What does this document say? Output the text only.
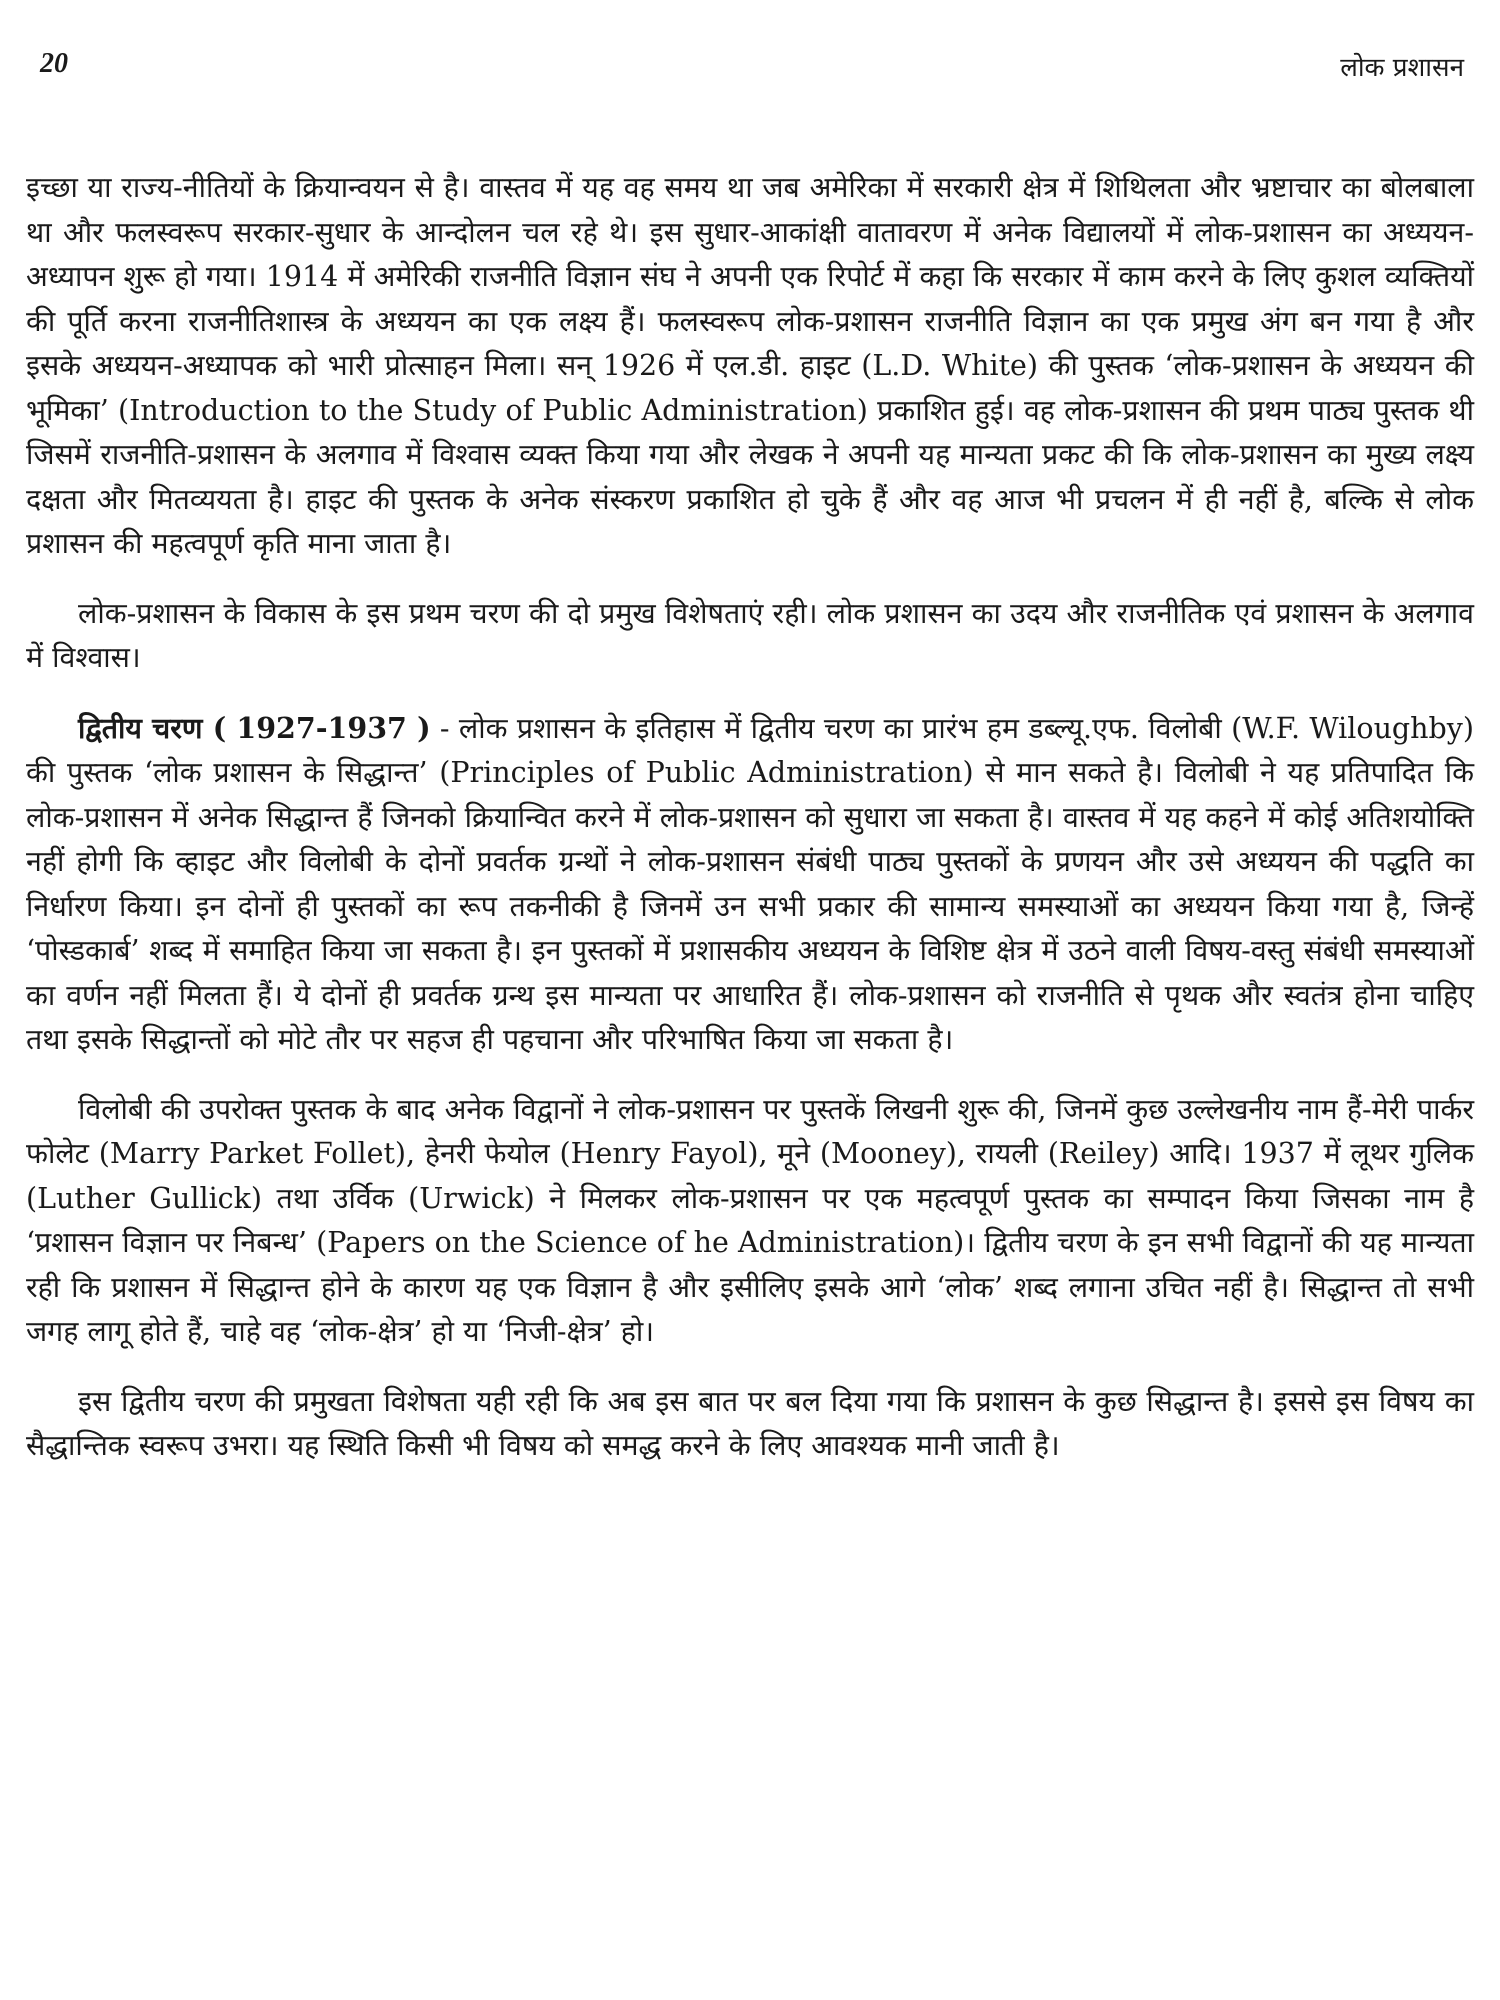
20	लोक प्रशासन

इच्छा या राज्य-नीतियों के क्रियान्वयन से है। वास्तव में यह वह समय था जब अमेरिका में सरकारी क्षेत्र में शिथिलता और भ्रष्टाचार का बोलबाला था और फलस्वरूप सरकार-सुधार के आन्दोलन चल रहे थे। इस सुधार-आकांक्षी वातावरण में अनेक विद्यालयों में लोक-प्रशासन का अध्ययन-अध्यापन शुरू हो गया। 1914 में अमेरिकी राजनीति विज्ञान संघ ने अपनी एक रिपोर्ट में कहा कि सरकार में काम करने के लिए कुशल व्यक्तियों की पूर्ति करना राजनीतिशास्त्र के अध्ययन का एक लक्ष्य हैं। फलस्वरूप लोक-प्रशासन राजनीति विज्ञान का एक प्रमुख अंग बन गया है और इसके अध्ययन-अध्यापक को भारी प्रोत्साहन मिला। सन् 1926 में एल.डी. हाइट (L.D. White) की पुस्तक ‘लोक-प्रशासन के अध्ययन की भूमिका’ (Introduction to the Study of Public Administration) प्रकाशित हुई। वह लोक-प्रशासन की प्रथम पाठ्य पुस्तक थी जिसमें राजनीति-प्रशासन के अलगाव में विश्वास व्यक्त किया गया और लेखक ने अपनी यह मान्यता प्रकट की कि लोक-प्रशासन का मुख्य लक्ष्य दक्षता और मितव्ययता है। हाइट की पुस्तक के अनेक संस्करण प्रकाशित हो चुके हैं और वह आज भी प्रचलन में ही नहीं है, बल्कि से लोक प्रशासन की महत्वपूर्ण कृति माना जाता है।

लोक-प्रशासन के विकास के इस प्रथम चरण की दो प्रमुख विशेषताएं रही। लोक प्रशासन का उदय और राजनीतिक एवं प्रशासन के अलगाव में विश्वास।

द्वितीय चरण ( 1927-1937 ) - लोक प्रशासन के इतिहास में द्वितीय चरण का प्रारंभ हम डब्ल्यू.एफ. विलोबी (W.F. Wiloughby) की पुस्तक ‘लोक प्रशासन के सिद्धान्त’ (Principles of Public Administration) से मान सकते है। विलोबी ने यह प्रतिपादित कि लोक-प्रशासन में अनेक सिद्धान्त हैं जिनको क्रियान्वित करने में लोक-प्रशासन को सुधारा जा सकता है। वास्तव में यह कहने में कोई अतिशयोक्ति नहीं होगी कि व्हाइट और विलोबी के दोनों प्रवर्तक ग्रन्थों ने लोक-प्रशासन संबंधी पाठ्य पुस्तकों के प्रणयन और उसे अध्ययन की पद्धति का निर्धारण किया। इन दोनों ही पुस्तकों का रूप तकनीकी है जिनमें उन सभी प्रकार की सामान्य समस्याओं का अध्ययन किया गया है, जिन्हें ‘पोस्डकार्ब’ शब्द में समाहित किया जा सकता है। इन पुस्तकों में प्रशासकीय अध्ययन के विशिष्ट क्षेत्र में उठने वाली विषय-वस्तु संबंधी समस्याओं का वर्णन नहीं मिलता हैं। ये दोनों ही प्रवर्तक ग्रन्थ इस मान्यता पर आधारित हैं। लोक-प्रशासन को राजनीति से पृथक और स्वतंत्र होना चाहिए तथा इसके सिद्धान्तों को मोटे तौर पर सहज ही पहचाना और परिभाषित किया जा सकता है।

विलोबी की उपरोक्त पुस्तक के बाद अनेक विद्वानों ने लोक-प्रशासन पर पुस्तकें लिखनी शुरू की, जिनमें कुछ उल्लेखनीय नाम हैं-मेरी पार्कर फोलेट (Marry Parket Follet), हेनरी फेयोल (Henry Fayol), मूने (Mooney), रायली (Reiley) आदि। 1937 में लूथर गुलिक (Luther Gullick) तथा उर्विक (Urwick) ने मिलकर लोक-प्रशासन पर एक महत्वपूर्ण पुस्तक का सम्पादन किया जिसका नाम है ‘प्रशासन विज्ञान पर निबन्ध’ (Papers on the Science of he Administration)। द्वितीय चरण के इन सभी विद्वानों की यह मान्यता रही कि प्रशासन में सिद्धान्त होने के कारण यह एक विज्ञान है और इसीलिए इसके आगे ‘लोक’ शब्द लगाना उचित नहीं है। सिद्धान्त तो सभी जगह लागू होते हैं, चाहे वह ‘लोक-क्षेत्र’ हो या ‘निजी-क्षेत्र’ हो।

इस द्वितीय चरण की प्रमुखता विशेषता यही रही कि अब इस बात पर बल दिया गया कि प्रशासन के कुछ सिद्धान्त है। इससे इस विषय का सैद्धान्तिक स्वरूप उभरा। यह स्थिति किसी भी विषय को समद्ध करने के लिए आवश्यक मानी जाती है।
